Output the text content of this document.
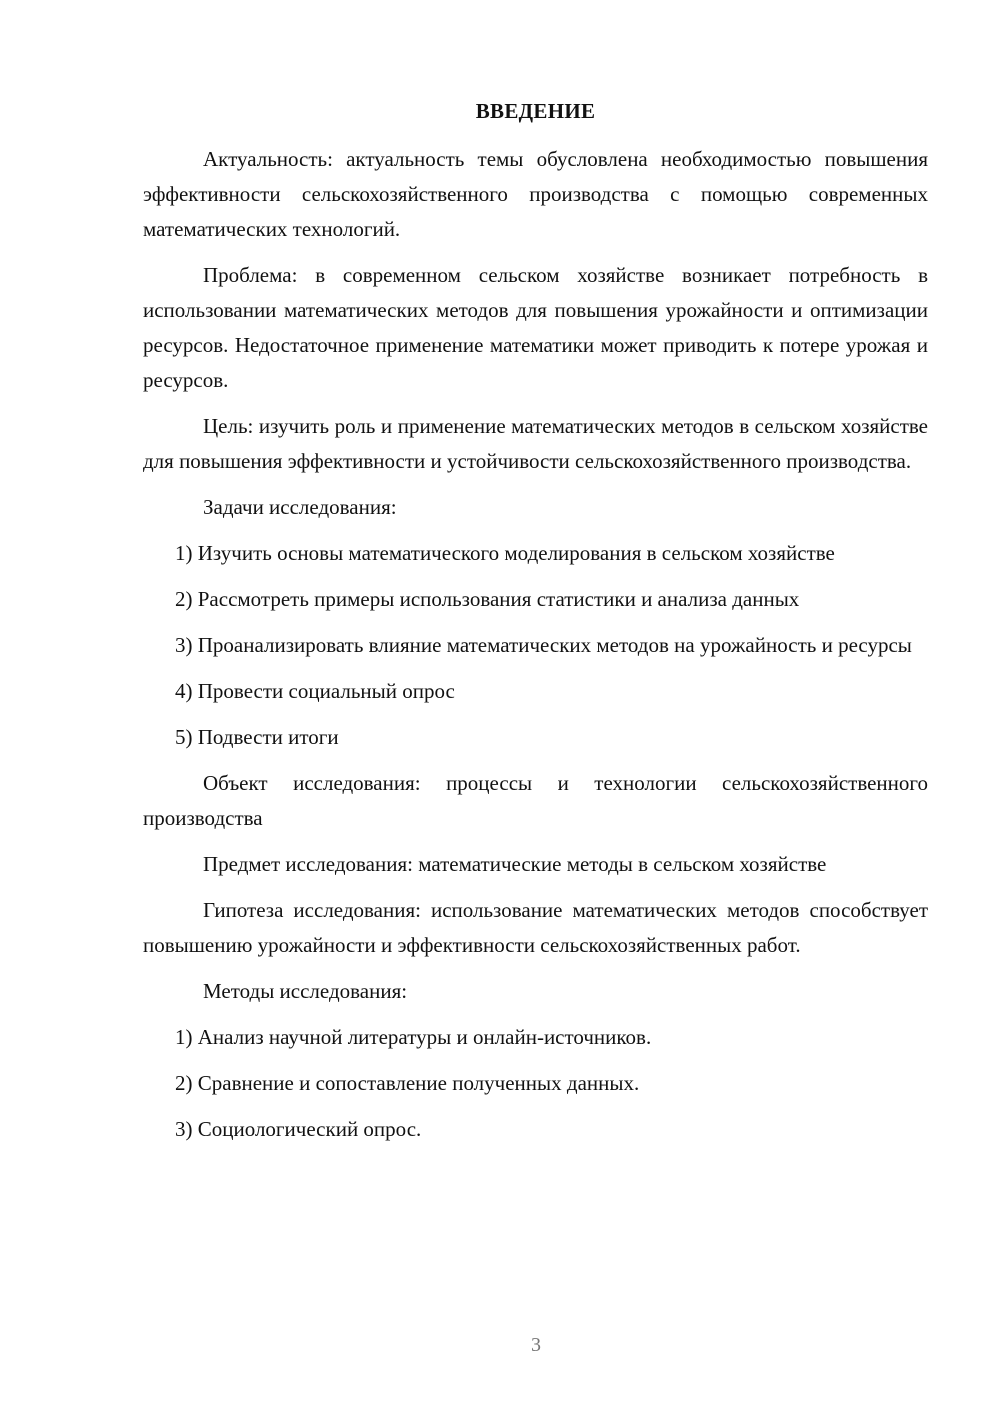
ВВЕДЕНИЕ
Актуальность: актуальность темы обусловлена необходимостью повышения эффективности сельскохозяйственного производства с помощью современных математических технологий.
Проблема: в современном сельском хозяйстве возникает потребность в использовании математических методов для повышения урожайности и оптимизации ресурсов. Недостаточное применение математики может приводить к потере урожая и ресурсов.
Цель: изучить роль и применение математических методов в сельском хозяйстве для повышения эффективности и устойчивости сельскохозяйственного производства.
Задачи исследования:
1) Изучить основы математического моделирования в сельском хозяйстве
2) Рассмотреть примеры использования статистики и анализа данных
3) Проанализировать влияние математических методов на урожайность и ресурсы
4) Провести социальный опрос
5) Подвести итоги
Объект исследования: процессы и технологии сельскохозяйственного производства
Предмет исследования: математические методы в сельском хозяйстве
Гипотеза исследования: использование математических методов способствует повышению урожайности и эффективности сельскохозяйственных работ.
Методы исследования:
1) Анализ научной литературы и онлайн-источников.
2) Сравнение и сопоставление полученных данных.
3) Социологический опрос.
3
